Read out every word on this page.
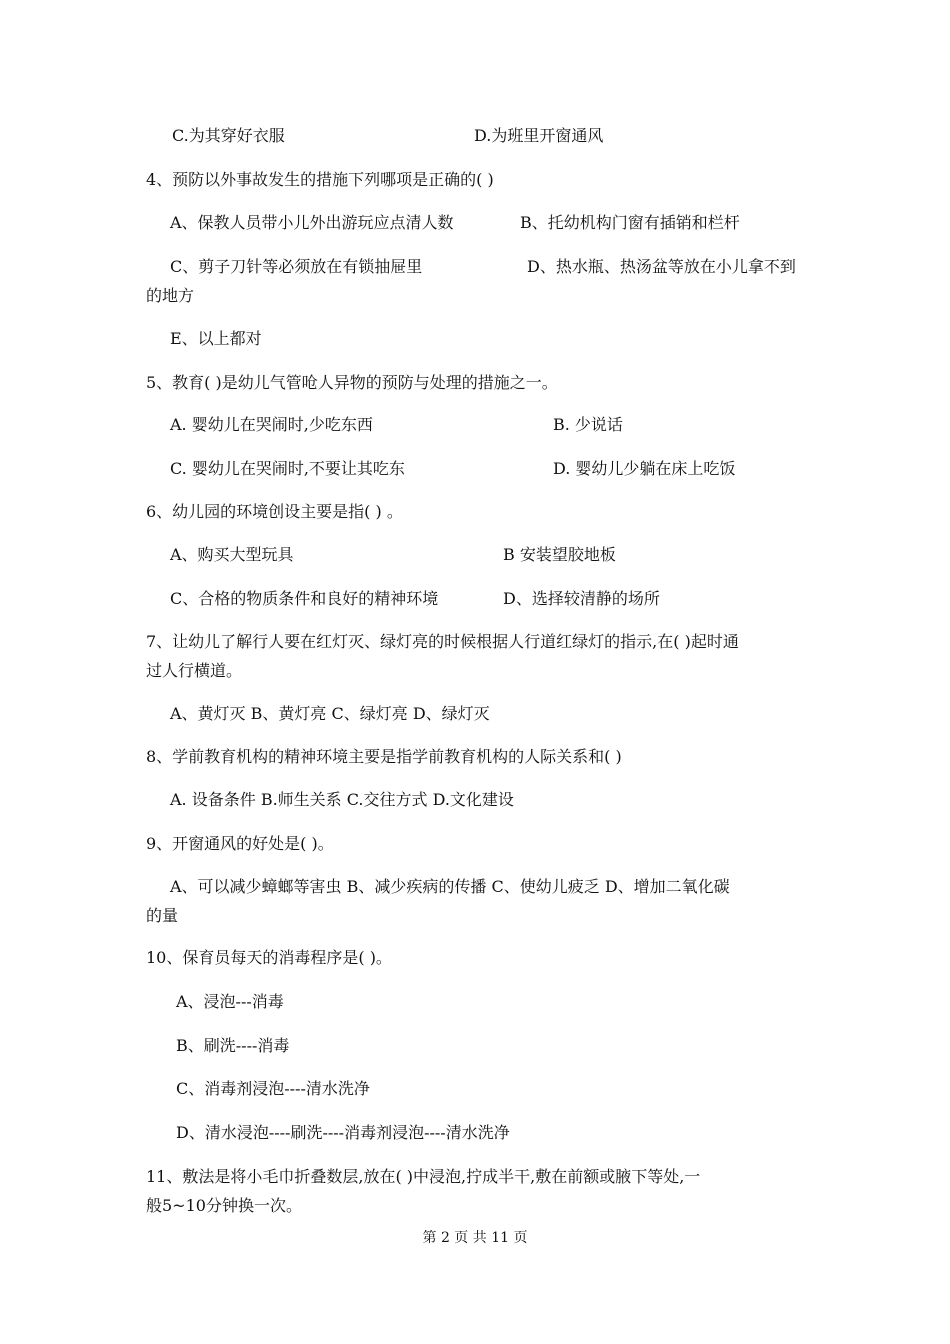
C.为其穿好衣服	D.为班里开窗通风
4、预防以外事故发生的措施下列哪项是正确的( )
A、保教人员带小儿外出游玩应点清人数	B、托幼机构门窗有插销和栏杆
C、剪子刀针等必须放在有锁抽屉里	D、热水瓶、热汤盆等放在小儿拿不到
的地方
E、以上都对
5、教育( )是幼儿气管呛人异物的预防与处理的措施之一。
A. 婴幼儿在哭闹时,少吃东西	B. 少说话
C. 婴幼儿在哭闹时,不要让其吃东	D. 婴幼儿少躺在床上吃饭
6、幼儿园的环境创设主要是指( ) 。
A、购买大型玩具	B 安装望胶地板
C、合格的物质条件和良好的精神环境	D、选择较清静的场所
7、让幼儿了解行人要在红灯灭、绿灯亮的时候根据人行道红绿灯的指示,在( )起时通
过人行横道。
A、黄灯灭 B、黄灯亮 C、绿灯亮 D、绿灯灭
8、学前教育机构的精神环境主要是指学前教育机构的人际关系和( )
A. 设备条件 B.师生关系 C.交往方式 D.文化建设
9、开窗通风的好处是( )。
A、可以减少蟑螂等害虫 B、减少疾病的传播 C、使幼儿疲乏 D、增加二氧化碳
的量
10、保育员每天的消毒程序是( )。
A、浸泡---消毒
B、刷洗----消毒
C、消毒剂浸泡----清水洗净
D、清水浸泡----刷洗----消毒剂浸泡----清水洗净
11、敷法是将小毛巾折叠数层,放在( )中浸泡,拧成半干,敷在前额或腋下等处,一
般5~10分钟换一次。
第 2 页 共 11 页
